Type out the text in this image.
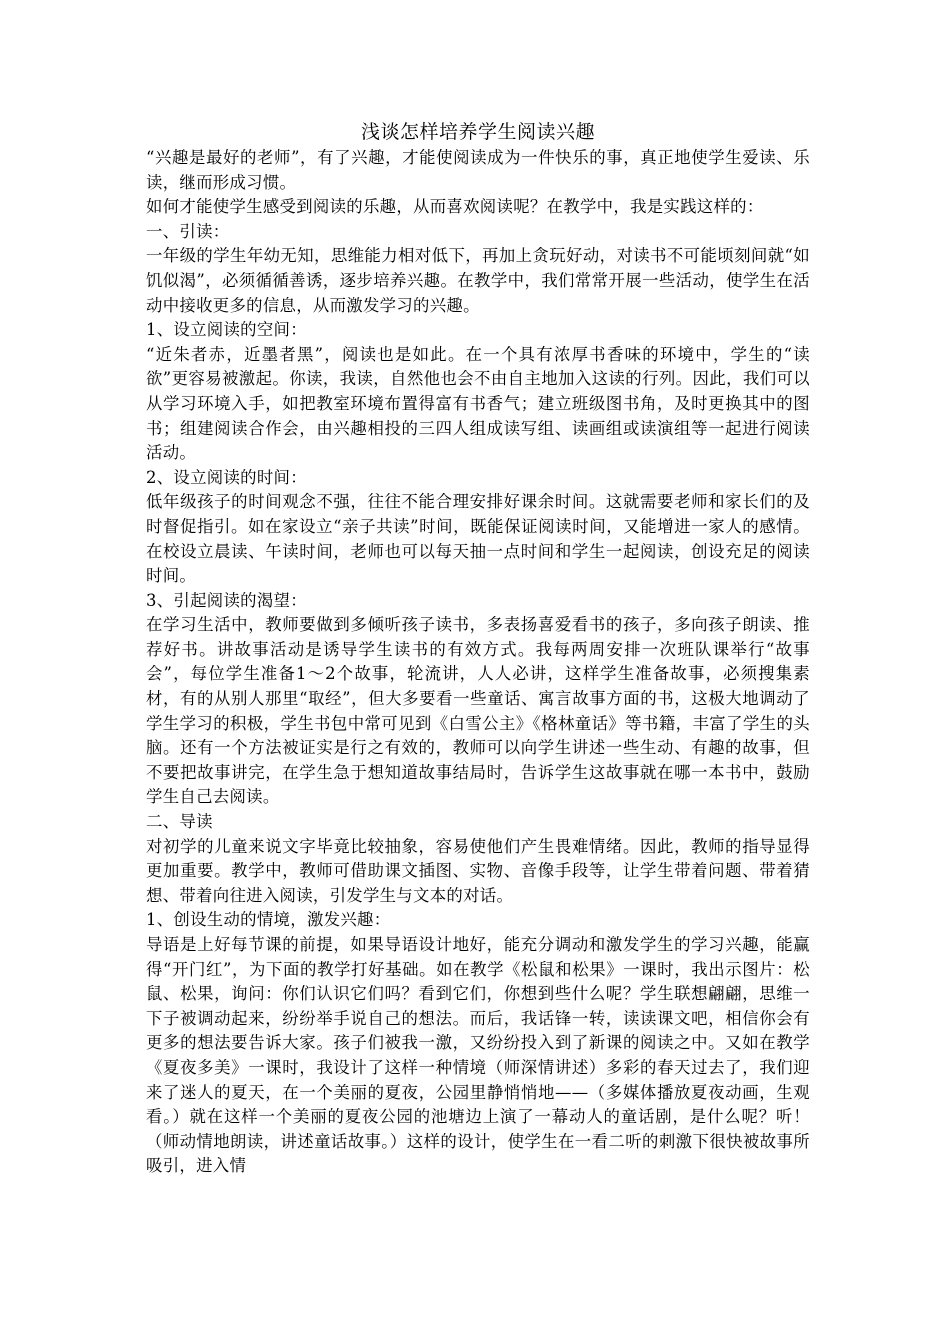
浅谈怎样培养学生阅读兴趣

“兴趣是最好的老师”，有了兴趣，才能使阅读成为一件快乐的事，真正地使学生爱读、乐读，继而形成习惯。

如何才能使学生感受到阅读的乐趣，从而喜欢阅读呢？在教学中，我是实践这样的：

一、引读：

一年级的学生年幼无知，思维能力相对低下，再加上贪玩好动，对读书不可能顷刻间就“如饥似渴”，必须循循善诱，逐步培养兴趣。在教学中，我们常常开展一些活动，使学生在活动中接收更多的信息，从而激发学习的兴趣。

1、设立阅读的空间：

“近朱者赤，近墨者黑”，阅读也是如此。在一个具有浓厚书香味的环境中，学生的“读欲”更容易被激起。你读，我读，自然他也会不由自主地加入这读的行列。因此，我们可以从学习环境入手，如把教室环境布置得富有书香气；建立班级图书角，及时更换其中的图书；组建阅读合作会，由兴趣相投的三四人组成读写组、读画组或读演组等一起进行阅读活动。

2、设立阅读的时间：

低年级孩子的时间观念不强，往往不能合理安排好课余时间。这就需要老师和家长们的及时督促指引。如在家设立“亲子共读”时间，既能保证阅读时间，又能增进一家人的感情。在校设立晨读、午读时间，老师也可以每天抽一点时间和学生一起阅读，创设充足的阅读时间。

3、引起阅读的渴望：

在学习生活中，教师要做到多倾听孩子读书，多表扬喜爱看书的孩子，多向孩子朗读、推荐好书。讲故事活动是诱导学生读书的有效方式。我每两周安排一次班队课举行“故事会”，每位学生准备1～2个故事，轮流讲，人人必讲，这样学生准备故事，必须搜集素材，有的从别人那里“取经”，但大多要看一些童话、寓言故事方面的书，这极大地调动了学生学习的积极，学生书包中常可见到《白雪公主》《格林童话》等书籍，丰富了学生的头脑。还有一个方法被证实是行之有效的，教师可以向学生讲述一些生动、有趣的故事，但不要把故事讲完，在学生急于想知道故事结局时，告诉学生这故事就在哪一本书中，鼓励学生自己去阅读。

二、导读

对初学的儿童来说文字毕竟比较抽象，容易使他们产生畏难情绪。因此，教师的指导显得更加重要。教学中，教师可借助课文插图、实物、音像手段等，让学生带着问题、带着猜想、带着向往进入阅读，引发学生与文本的对话。

1、创设生动的情境，激发兴趣：

导语是上好每节课的前提，如果导语设计地好，能充分调动和激发学生的学习兴趣，能赢得“开门红”，为下面的教学打好基础。如在教学《松鼠和松果》一课时，我出示图片：松鼠、松果，询问：你们认识它们吗？看到它们，你想到些什么呢？学生联想翩翩，思维一下子被调动起来，纷纷举手说自己的想法。而后，我话锋一转，读读课文吧，相信你会有更多的想法要告诉大家。孩子们被我一激，又纷纷投入到了新课的阅读之中。又如在教学《夏夜多美》一课时，我设计了这样一种情境（师深情讲述）多彩的春天过去了，我们迎来了迷人的夏天，在一个美丽的夏夜，公园里静悄悄地——（多媒体播放夏夜动画，生观看。）就在这样一个美丽的夏夜公园的池塘边上演了一幕动人的童话剧，是什么呢？听！（师动情地朗读，讲述童话故事。）这样的设计，使学生在一看二听的刺激下很快被故事所吸引，进入情
